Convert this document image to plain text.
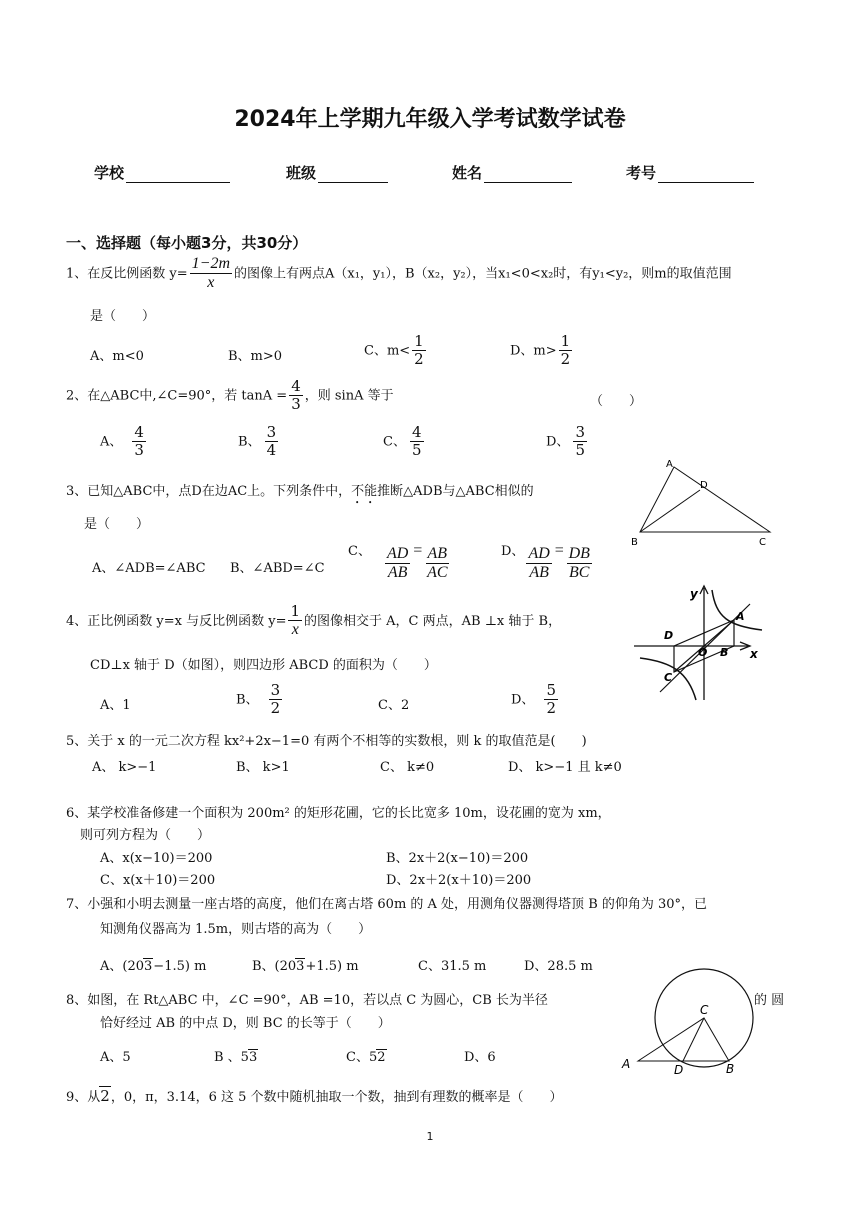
2024年上学期九年级入学考试数学试卷
学校	班级	姓名	考号
一、选择题（每小题3分，共30分）
1、在反比例函数 $y= \frac{1-2m}{x}$ 的图像上有两点A（x₁，y₁），B（x₂，y₂），当x₁<0<x₂时，有y₁<y₂，则m的取值范围
是（　　）
A、m<0	B、m>0	C、$m< \frac{1}{2}$	D、$m> \frac{1}{2}$
2、在△ABC中,∠C=90°，若 $\tan A = \frac{4}{3}$ ，则 sinA 等于	（　　）
A、 $\frac{4}{3}$	B、 $\frac{3}{4}$	C、 $\frac{4}{5}$	D、 $\frac{3}{5}$
3、已知△ABC中，点D在边AC上。下列条件中，不能推断△ADB与△ABC相似的
是（　　）
A、∠ADB=∠ABC B、∠ABD=∠C
C、 $\frac{AD}{AB} = \frac{AB}{AC}$	D、 $\frac{AD}{AB} = \frac{DB}{BC}$
A
D
B	C
4、正比例函数 y=x 与反比例函数 $y= \frac{1}{x}$ 的图像相交于 A，C 两点，AB ⊥x 轴于 B，
CD⊥x 轴于 D（如图），则四边形 ABCD 的面积为（　　）
A、1	B、 $\frac{3}{2}$	C、2	D、 $\frac{5}{2}$
y
x
A
B
C
D
O
5、关于 x 的一元二次方程 kx²+2x−1=0 有两个不相等的实数根，则 k 的取值范是(　　)
A、 k>−1	B、 k>1	C、 k≠0	D、 k>−1 且 k≠0
6、某学校准备修建一个面积为 200m² 的矩形花圃，它的长比宽多 10m，设花圃的宽为 xm，
则可列方程为（　　）
A、x(x−10)＝200	B、2x＋2(x−10)＝200
C、x(x＋10)＝200	D、2x＋2(x＋10)＝200
7、小强和小明去测量一座古塔的高度，他们在离古塔 60m 的 A 处，用测角仪器测得塔顶 B 的仰角为 30°，已
知测角仪器高为 1.5m，则古塔的高为（　　）
A、(203−1.5) m	B、(203+1.5) m	C、31.5 m	D、28.5 m
8、如图，在 Rt△ABC 中，∠C =90°，AB =10，若以点 C 为圆心，CB 长为半径	的 圆
恰好经过 AB 的中点 D，则 BC 的长等于（　　）
A、5	B 、53	C、52	D、6
C
A	D	B
9、从2，0，π，3.14，6 这 5 个数中随机抽取一个数，抽到有理数的概率是（　　）
1
